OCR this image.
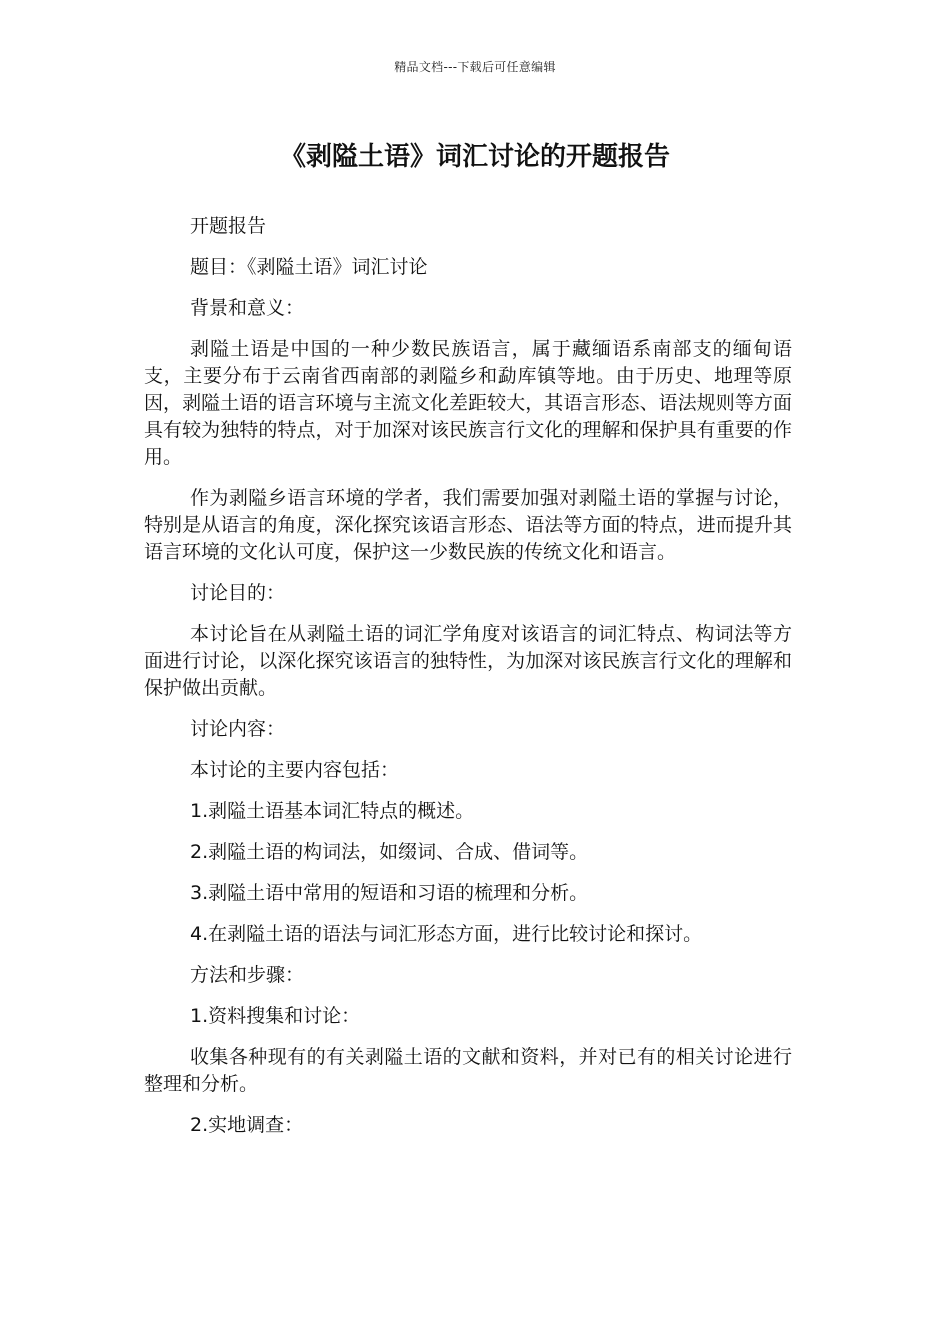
精品文档---下载后可任意编辑
《剥隘土语》词汇讨论的开题报告

开题报告

题目：《剥隘土语》词汇讨论

背景和意义：

剥隘土语是中国的一种少数民族语言，属于藏缅语系南部支的缅甸语支，主要分布于云南省西南部的剥隘乡和勐库镇等地。由于历史、地理等原因，剥隘土语的语言环境与主流文化差距较大，其语言形态、语法规则等方面具有较为独特的特点，对于加深对该民族言行文化的理解和保护具有重要的作用。

作为剥隘乡语言环境的学者，我们需要加强对剥隘土语的掌握与讨论，特别是从语言的角度，深化探究该语言形态、语法等方面的特点，进而提升其语言环境的文化认可度，保护这一少数民族的传统文化和语言。

讨论目的：

本讨论旨在从剥隘土语的词汇学角度对该语言的词汇特点、构词法等方面进行讨论，以深化探究该语言的独特性，为加深对该民族言行文化的理解和保护做出贡献。

讨论内容：

本讨论的主要内容包括：

1.剥隘土语基本词汇特点的概述。

2.剥隘土语的构词法，如缀词、合成、借词等。

3.剥隘土语中常用的短语和习语的梳理和分析。

4.在剥隘土语的语法与词汇形态方面，进行比较讨论和探讨。

方法和步骤：

1.资料搜集和讨论：

收集各种现有的有关剥隘土语的文献和资料，并对已有的相关讨论进行整理和分析。

2.实地调查：
